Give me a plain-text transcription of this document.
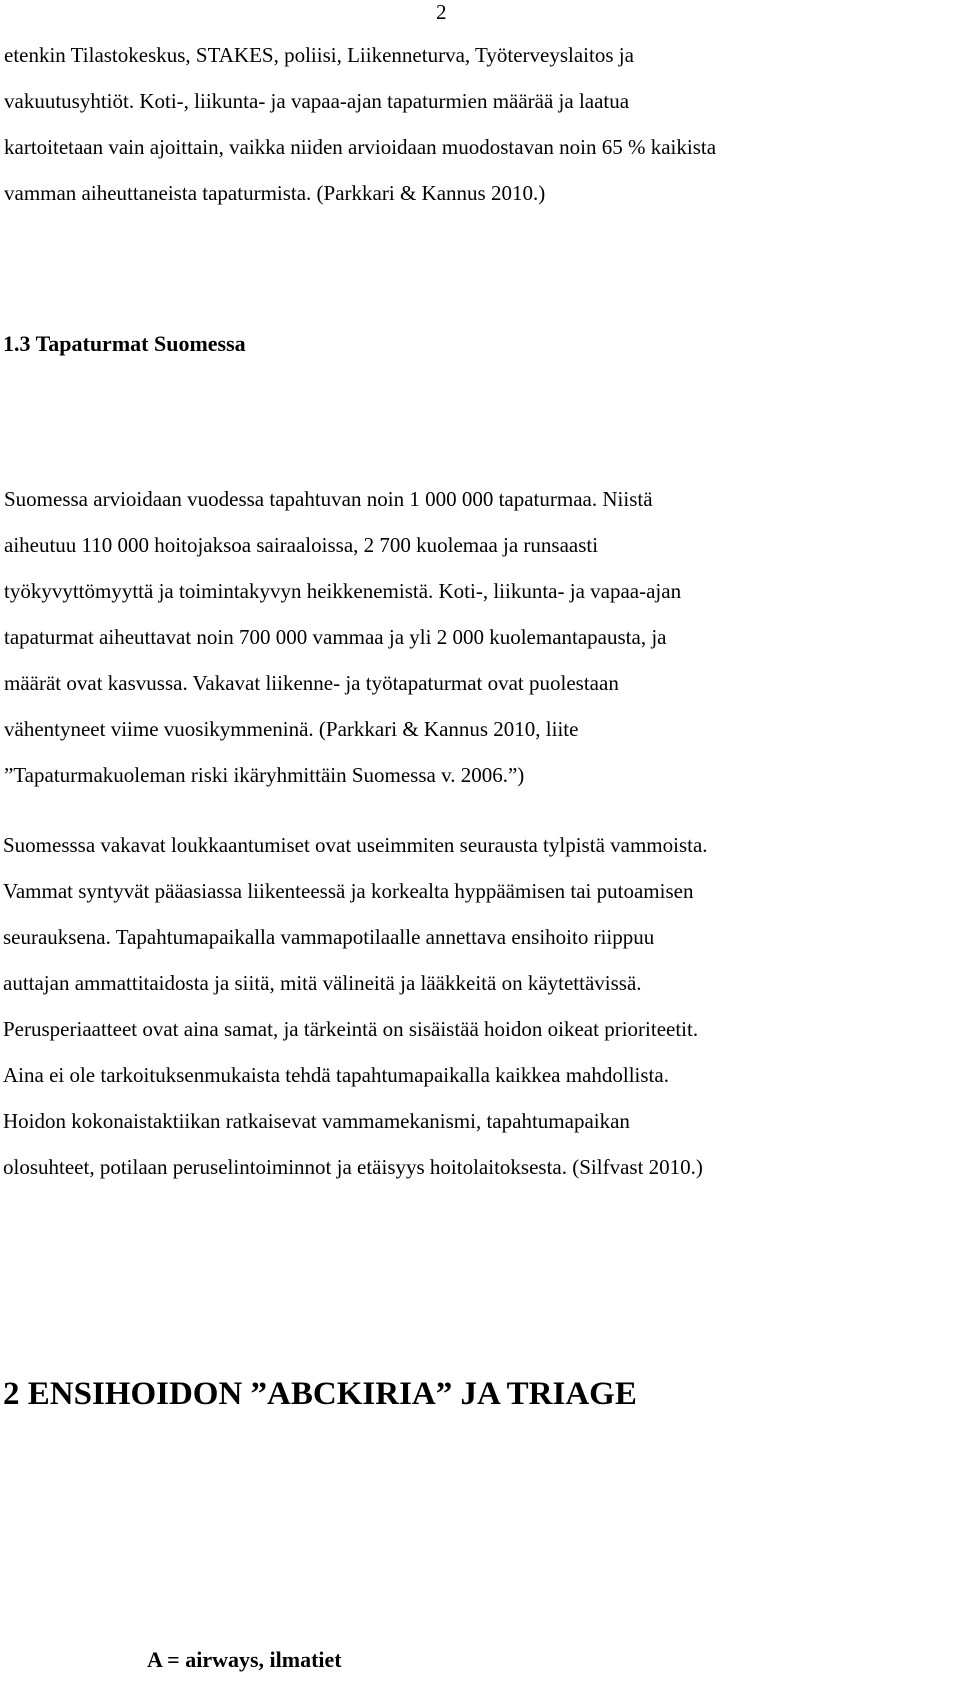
2
etenkin Tilastokeskus, STAKES, poliisi, Liikenneturva, Työterveyslaitos ja
vakuutusyhtiöt. Koti-, liikunta- ja vapaa-ajan tapaturmien määrää ja laatua
kartoitetaan vain ajoittain, vaikka niiden arvioidaan muodostavan noin 65 % kaikista
vamman aiheuttaneista tapaturmista. (Parkkari & Kannus 2010.)
1.3 Tapaturmat Suomessa
Suomessa arvioidaan vuodessa tapahtuvan noin 1 000 000 tapaturmaa. Niistä
aiheutuu 110 000 hoitojaksoa sairaaloissa, 2 700 kuolemaa ja runsaasti
työkyvyttömyyttä ja toimintakyvyn heikkenemistä. Koti-, liikunta- ja vapaa-ajan
tapaturmat aiheuttavat noin 700 000 vammaa ja yli 2 000 kuolemantapausta, ja
määrät ovat kasvussa. Vakavat liikenne- ja työtapaturmat ovat puolestaan
vähentyneet viime vuosikymmeninä. (Parkkari & Kannus 2010, liite
”Tapaturmakuoleman riski ikäryhmittäin Suomessa v. 2006.”)
Suomesssa vakavat loukkaantumiset ovat useimmiten seurausta tylpistä vammoista.
Vammat syntyvät pääasiassa liikenteessä ja korkealta hyppäämisen tai putoamisen
seurauksena. Tapahtumapaikalla vammapotilaalle annettava ensihoito riippuu
auttajan ammattitaidosta ja siitä, mitä välineitä ja lääkkeitä on käytettävissä.
Perusperiaatteet ovat aina samat, ja tärkeintä on sisäistää hoidon oikeat prioriteetit.
Aina ei ole tarkoituksenmukaista tehdä tapahtumapaikalla kaikkea mahdollista.
Hoidon kokonaistaktiikan ratkaisevat vammamekanismi, tapahtumapaikan
olosuhteet, potilaan peruselintoiminnot ja etäisyys hoitolaitoksesta. (Silfvast 2010.)
2 ENSIHOIDON ”ABCKIRIA” JA TRIAGE
A = airways, ilmatiet
